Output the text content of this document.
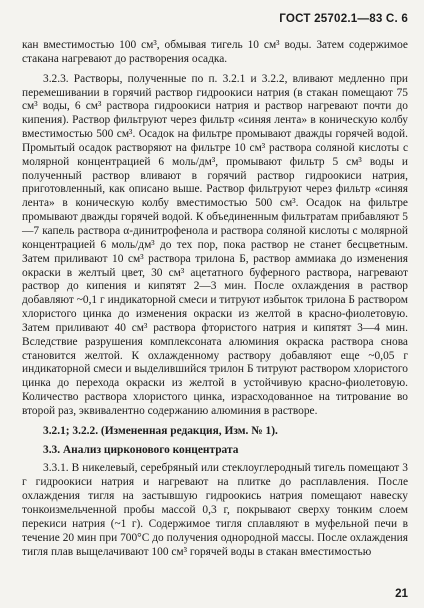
ГОСТ 25702.1—83 С. 6

кан вместимостью 100 см³, обмывая тигель 10 см³ воды. Затем содержимое стакана нагревают до растворения осадка.

3.2.3. Растворы, полученные по п. 3.2.1 и 3.2.2, вливают медленно при перемешивании в горячий раствор гидроокиси натрия (в стакан помещают 75 см³ воды, 6 см³ раствора гидроокиси натрия и раствор нагревают почти до кипения). Раствор фильтруют через фильтр «синяя лента» в коническую колбу вместимостью 500 см³. Осадок на фильтре промывают дважды горячей водой. Промытый осадок растворяют на фильтре 10 см³ раствора соляной кислоты с молярной концентрацией 6 моль/дм³, промывают фильтр 5 см³ воды и полученный раствор вливают в горячий раствор гидроокиси натрия, приготовленный, как описано выше. Раствор фильтруют через фильтр «синяя лента» в коническую колбу вместимостью 500 см³. Осадок на фильтре промывают дважды горячей водой. К объединенным фильтратам прибавляют 5—7 капель раствора α-динитрофенола и раствора соляной кислоты с молярной концентрацией 6 моль/дм³ до тех пор, пока раствор не станет бесцветным. Затем приливают 10 см³ раствора трилона Б, раствор аммиака до изменения окраски в желтый цвет, 30 см³ ацетатного буферного раствора, нагревают раствор до кипения и кипятят 2—3 мин. После охлаждения в раствор добавляют ~0,1 г индикаторной смеси и титруют избыток трилона Б раствором хлористого цинка до изменения окраски из желтой в красно-фиолетовую. Затем приливают 40 см³ раствора фтористого натрия и кипятят 3—4 мин. Вследствие разрушения комплексоната алюминия окраска раствора снова становится желтой. К охлажденному раствору добавляют еще ~0,05 г индикаторной смеси и выделившийся трилон Б титруют раствором хлористого цинка до перехода окраски из желтой в устойчивую красно-фиолетовую. Количество раствора хлористого цинка, израсходованное на титрование во второй раз, эквивалентно содержанию алюминия в растворе.

3.2.1; 3.2.2. (Измененная редакция, Изм. № 1).

3.3. Анализ цирконового концентрата

3.3.1. В никелевый, серебряный или стеклоуглеродный тигель помещают 3 г гидроокиси натрия и нагревают на плитке до расплавления. После охлаждения тигля на застывшую гидроокись натрия помещают навеску тонкоизмельченной пробы массой 0,3 г, покрывают сверху тонким слоем перекиси натрия (~1 г). Содержимое тигля сплавляют в муфельной печи в течение 20 мин при 700°С до получения однородной массы. После охлаждения тигля плав выщелачивают 100 см³ горячей воды в стакан вместимостью

21
